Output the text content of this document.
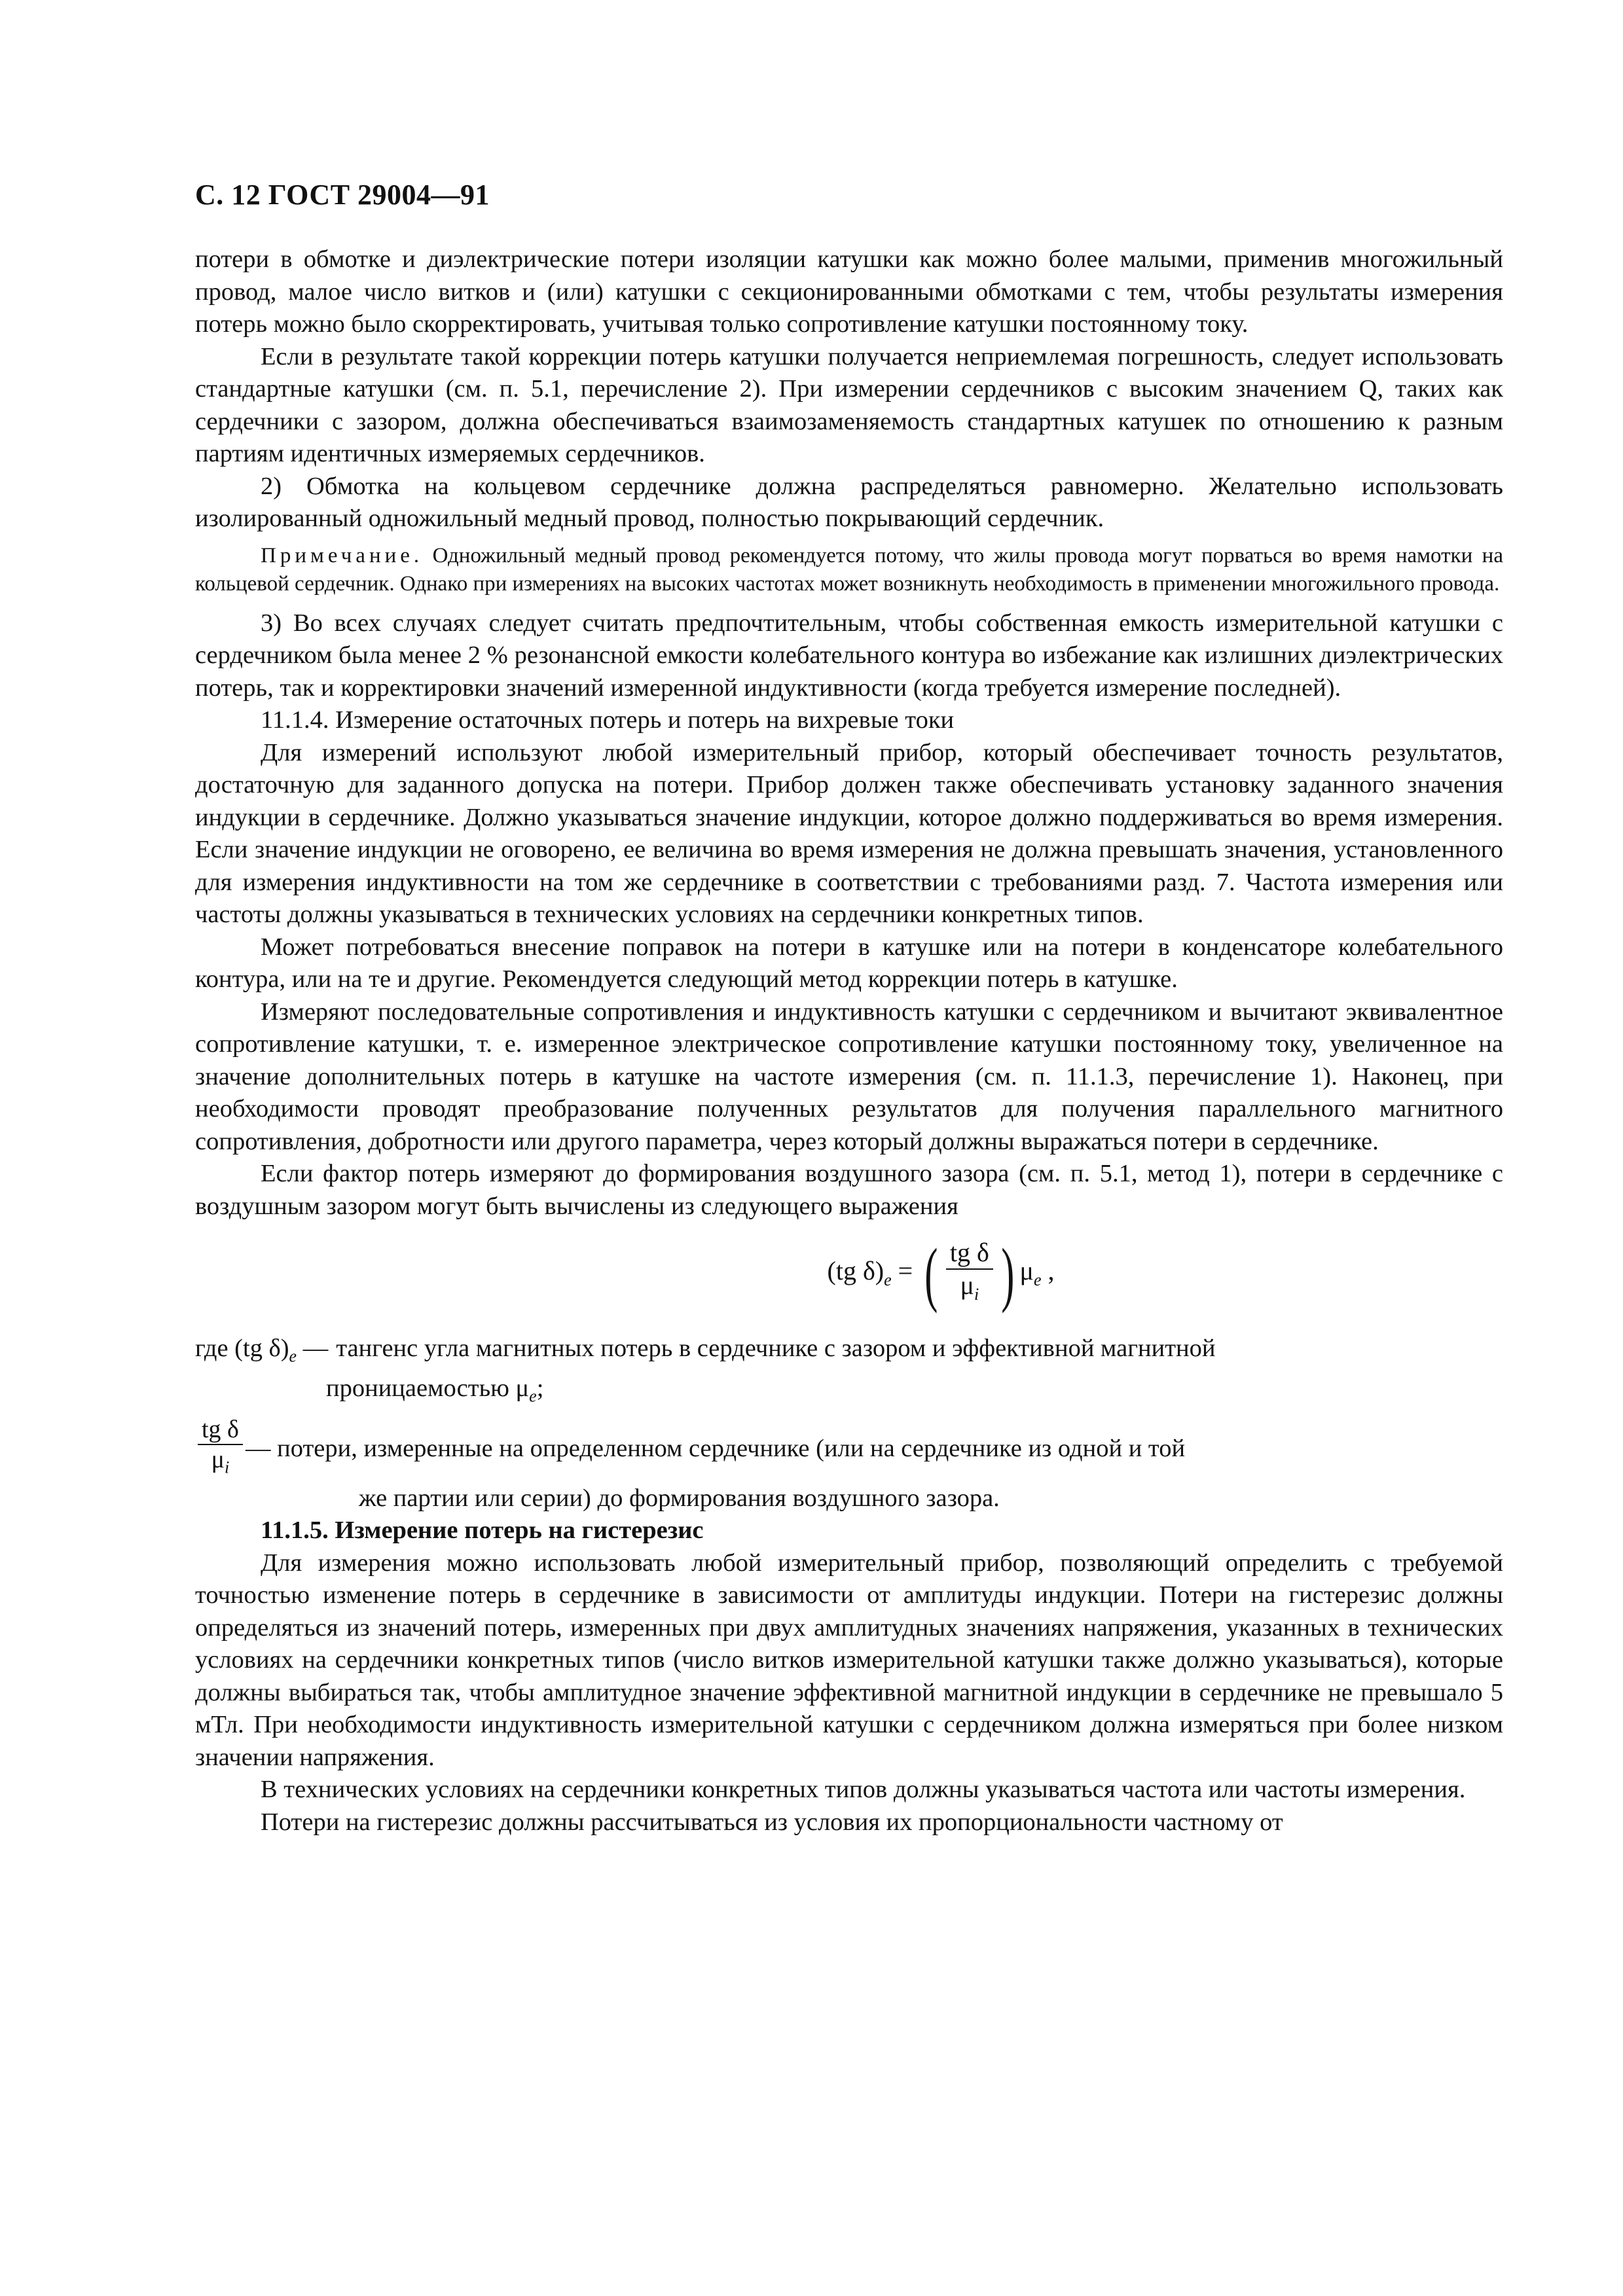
С. 12 ГОСТ 29004—91

потери в обмотке и диэлектрические потери изоляции катушки как можно более малыми, применив многожильный провод, малое число витков и (или) катушки с секционированными обмотками с тем, чтобы результаты измерения потерь можно было скорректировать, учитывая только сопротивление катушки постоянному току.

Если в результате такой коррекции потерь катушки получается неприемлемая погрешность, следует использовать стандартные катушки (см. п. 5.1, перечисление 2). При измерении сердечников с высоким значением Q, таких как сердечники с зазором, должна обеспечиваться взаимозаменяемость стандартных катушек по отношению к разным партиям идентичных измеряемых сердечников.

2) Обмотка на кольцевом сердечнике должна распределяться равномерно. Желательно использовать изолированный одножильный медный провод, полностью покрывающий сердечник.

Примечание. Одножильный медный провод рекомендуется потому, что жилы провода могут порваться во время намотки на кольцевой сердечник. Однако при измерениях на высоких частотах может возникнуть необходимость в применении многожильного провода.

3) Во всех случаях следует считать предпочтительным, чтобы собственная емкость измерительной катушки с сердечником была менее 2 % резонансной емкости колебательного контура во избежание как излишних диэлектрических потерь, так и корректировки значений измеренной индуктивности (когда требуется измерение последней).

11.1.4. Измерение остаточных потерь и потерь на вихревые токи

Для измерений используют любой измерительный прибор, который обеспечивает точность результатов, достаточную для заданного допуска на потери. Прибор должен также обеспечивать установку заданного значения индукции в сердечнике. Должно указываться значение индукции, которое должно поддерживаться во время измерения. Если значение индукции не оговорено, ее величина во время измерения не должна превышать значения, установленного для измерения индуктивности на том же сердечнике в соответствии с требованиями разд. 7. Частота измерения или частоты должны указываться в технических условиях на сердечники конкретных типов.

Может потребоваться внесение поправок на потери в катушке или на потери в конденсаторе колебательного контура, или на те и другие. Рекомендуется следующий метод коррекции потерь в катушке.

Измеряют последовательные сопротивления и индуктивность катушки с сердечником и вычитают эквивалентное сопротивление катушки, т. е. измеренное электрическое сопротивление катушки постоянному току, увеличенное на значение дополнительных потерь в катушке на частоте измерения (см. п. 11.1.3, перечисление 1). Наконец, при необходимости проводят преобразование полученных результатов для получения параллельного магнитного сопротивления, добротности или другого параметра, через который должны выражаться потери в сердечнике.

Если фактор потерь измеряют до формирования воздушного зазора (см. п. 5.1, метод 1), потери в сердечнике с воздушным зазором могут быть вычислены из следующего выражения

(tg $\delta)_e$ = ( $\frac{\text{tg δ}}{\mu_i}$ ) $\mu_e$ ,
где (tg $\delta)_e$ — тангенс угла магнитных потерь в сердечнике с зазором и эффективной магнитной
проницаемостью $\mu_e$;
$\frac{\text{tg δ}}{\mu_i}$ — потери, измеренные на определенном сердечнике (или на сердечнике из одной и той
же партии или серии) до формирования воздушного зазора.

11.1.5. Измерение потерь на гистерезис

Для измерения можно использовать любой измерительный прибор, позволяющий определить с требуемой точностью изменение потерь в сердечнике в зависимости от амплитуды индукции. Потери на гистерезис должны определяться из значений потерь, измеренных при двух амплитудных значениях напряжения, указанных в технических условиях на сердечники конкретных типов (число витков измерительной катушки также должно указываться), которые должны выбираться так, чтобы амплитудное значение эффективной магнитной индукции в сердечнике не превышало 5 мТл. При необходимости индуктивность измерительной катушки с сердечником должна измеряться при более низком значении напряжения.

В технических условиях на сердечники конкретных типов должны указываться частота или частоты измерения.

Потери на гистерезис должны рассчитываться из условия их пропорциональности частному от
